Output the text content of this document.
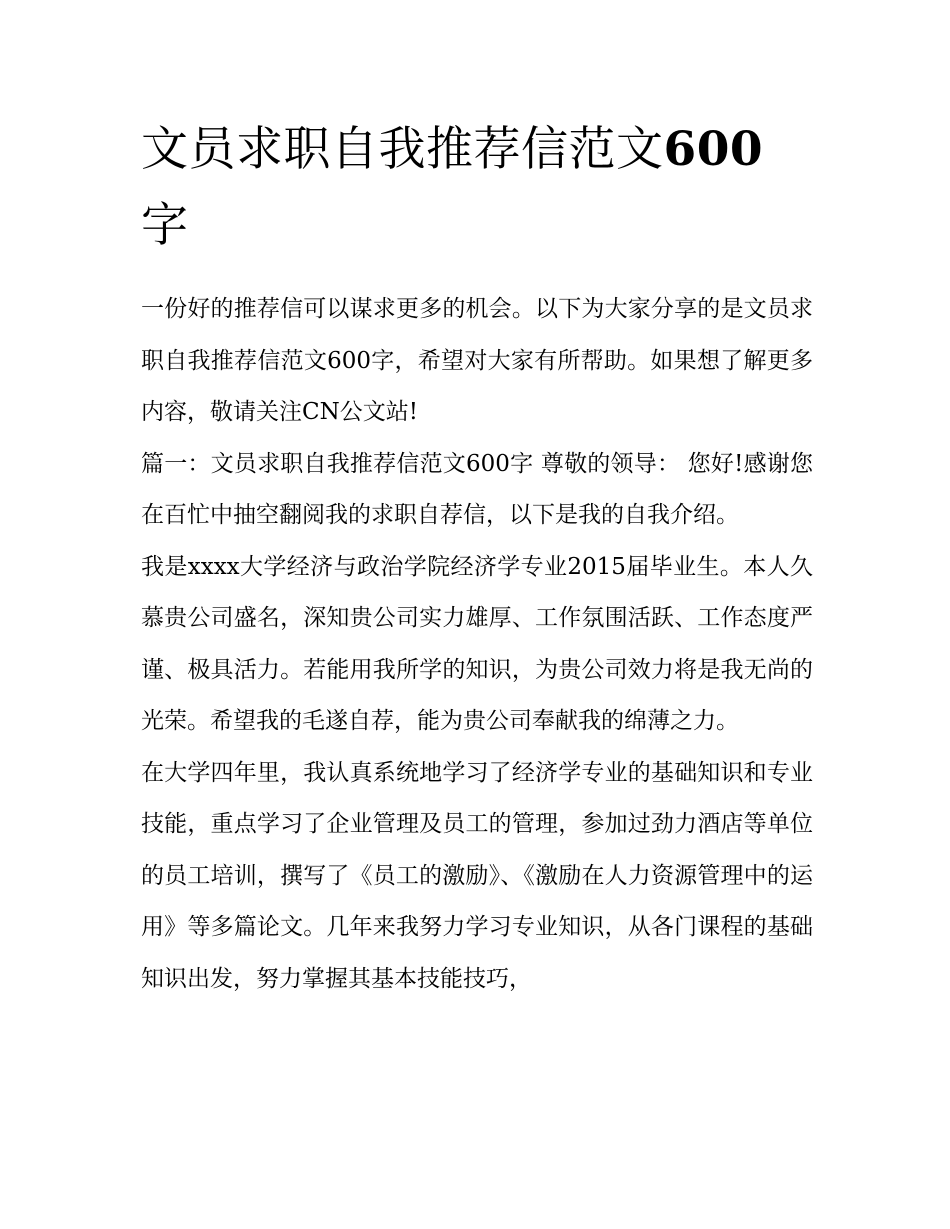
文员求职自我推荐信范文600
字

一份好的推荐信可以谋求更多的机会。以下为大家分享的是文员求职自我推荐信范文600字，希望对大家有所帮助。如果想了解更多内容，敬请关注CN公文站!

篇一：文员求职自我推荐信范文600字 尊敬的领导： 您好!感谢您在百忙中抽空翻阅我的求职自荐信，以下是我的自我介绍。

我是xxxx大学经济与政治学院经济学专业2015届毕业生。本人久慕贵公司盛名，深知贵公司实力雄厚、工作氛围活跃、工作态度严谨、极具活力。若能用我所学的知识，为贵公司效力将是我无尚的光荣。希望我的毛遂自荐，能为贵公司奉献我的绵薄之力。

在大学四年里，我认真系统地学习了经济学专业的基础知识和专业技能，重点学习了企业管理及员工的管理，参加过劲力酒店等单位的员工培训，撰写了《员工的激励》、《激励在人力资源管理中的运用》等多篇论文。几年来我努力学习专业知识，从各门课程的基础知识出发，努力掌握其基本技能技巧，
